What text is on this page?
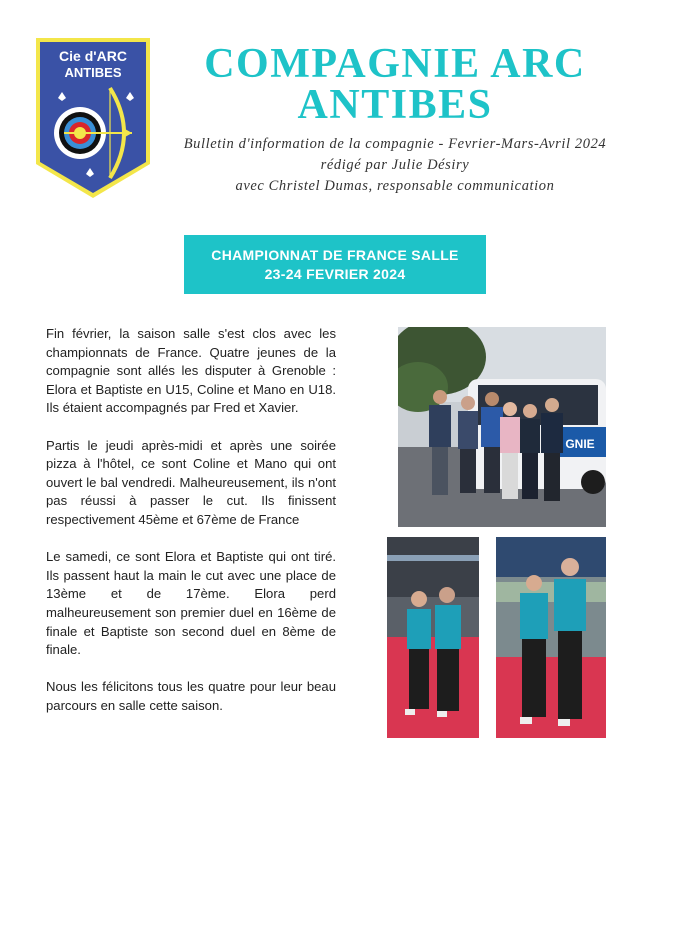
Cie d'ARC
ANTIBES	COMPAGNIE ARC
ANTIBES
Bulletin d'information de la compagnie - Fevrier-Mars-Avril 2024
rédigé par Julie Désiry
avec Christel Dumas, responsable communication
CHAMPIONNAT DE FRANCE SALLE
23-24 FEVRIER 2024

Fin février, la saison salle s'est clos avec les championnats de France. Quatre jeunes de la compagnie sont allés les disputer à Grenoble : Elora et Baptiste en U15, Coline et Mano en U18. Ils étaient accompagnés par Fred et Xavier.

Partis le jeudi après-midi et après une soirée pizza à l'hôtel, ce sont Coline et Mano qui ont ouvert le bal vendredi. Malheureusement, ils n'ont pas réussi à passer le cut. Ils finissent respectivement 45ème et 67ème de France

Le samedi, ce sont Elora et Baptiste qui ont tiré. Ils passent haut la main le cut avec une place de 13ème et de 17ème. Elora perd malheureusement son premier duel en 16ème de finale et Baptiste son second duel en 8ème de finale.

Nous les félicitons tous les quatre pour leur beau parcours en salle cette saison.

GNIE
